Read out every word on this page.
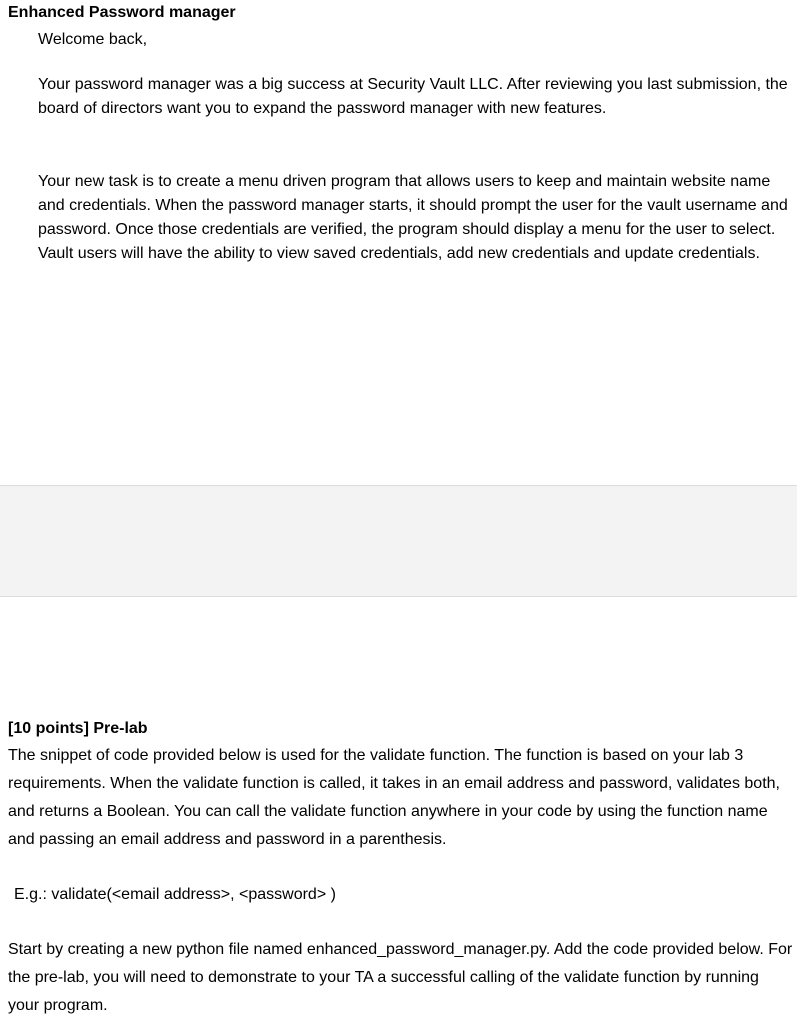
Enhanced Password manager

Welcome back,

Your password manager was a big success at Security Vault LLC. After reviewing you last submission, the board of directors want you to expand the password manager with new features.

Your new task is to create a menu driven program that allows users to keep and maintain website name and credentials. When the password manager starts, it should prompt the user for the vault username and password. Once those credentials are verified, the program should display a menu for the user to select. Vault users will have the ability to view saved credentials, add new credentials and update credentials.

[10 points] Pre-lab

The snippet of code provided below is used for the validate function. The function is based on your lab 3 requirements. When the validate function is called, it takes in an email address and password, validates both, and returns a Boolean. You can call the validate function anywhere in your code by using the function name and passing an email address and password in a parenthesis.

E.g.: validate(<email address>, <password> )

Start by creating a new python file named enhanced_password_manager.py. Add the code provided below. For the pre-lab, you will need to demonstrate to your TA a successful calling of the validate function by running your program.
